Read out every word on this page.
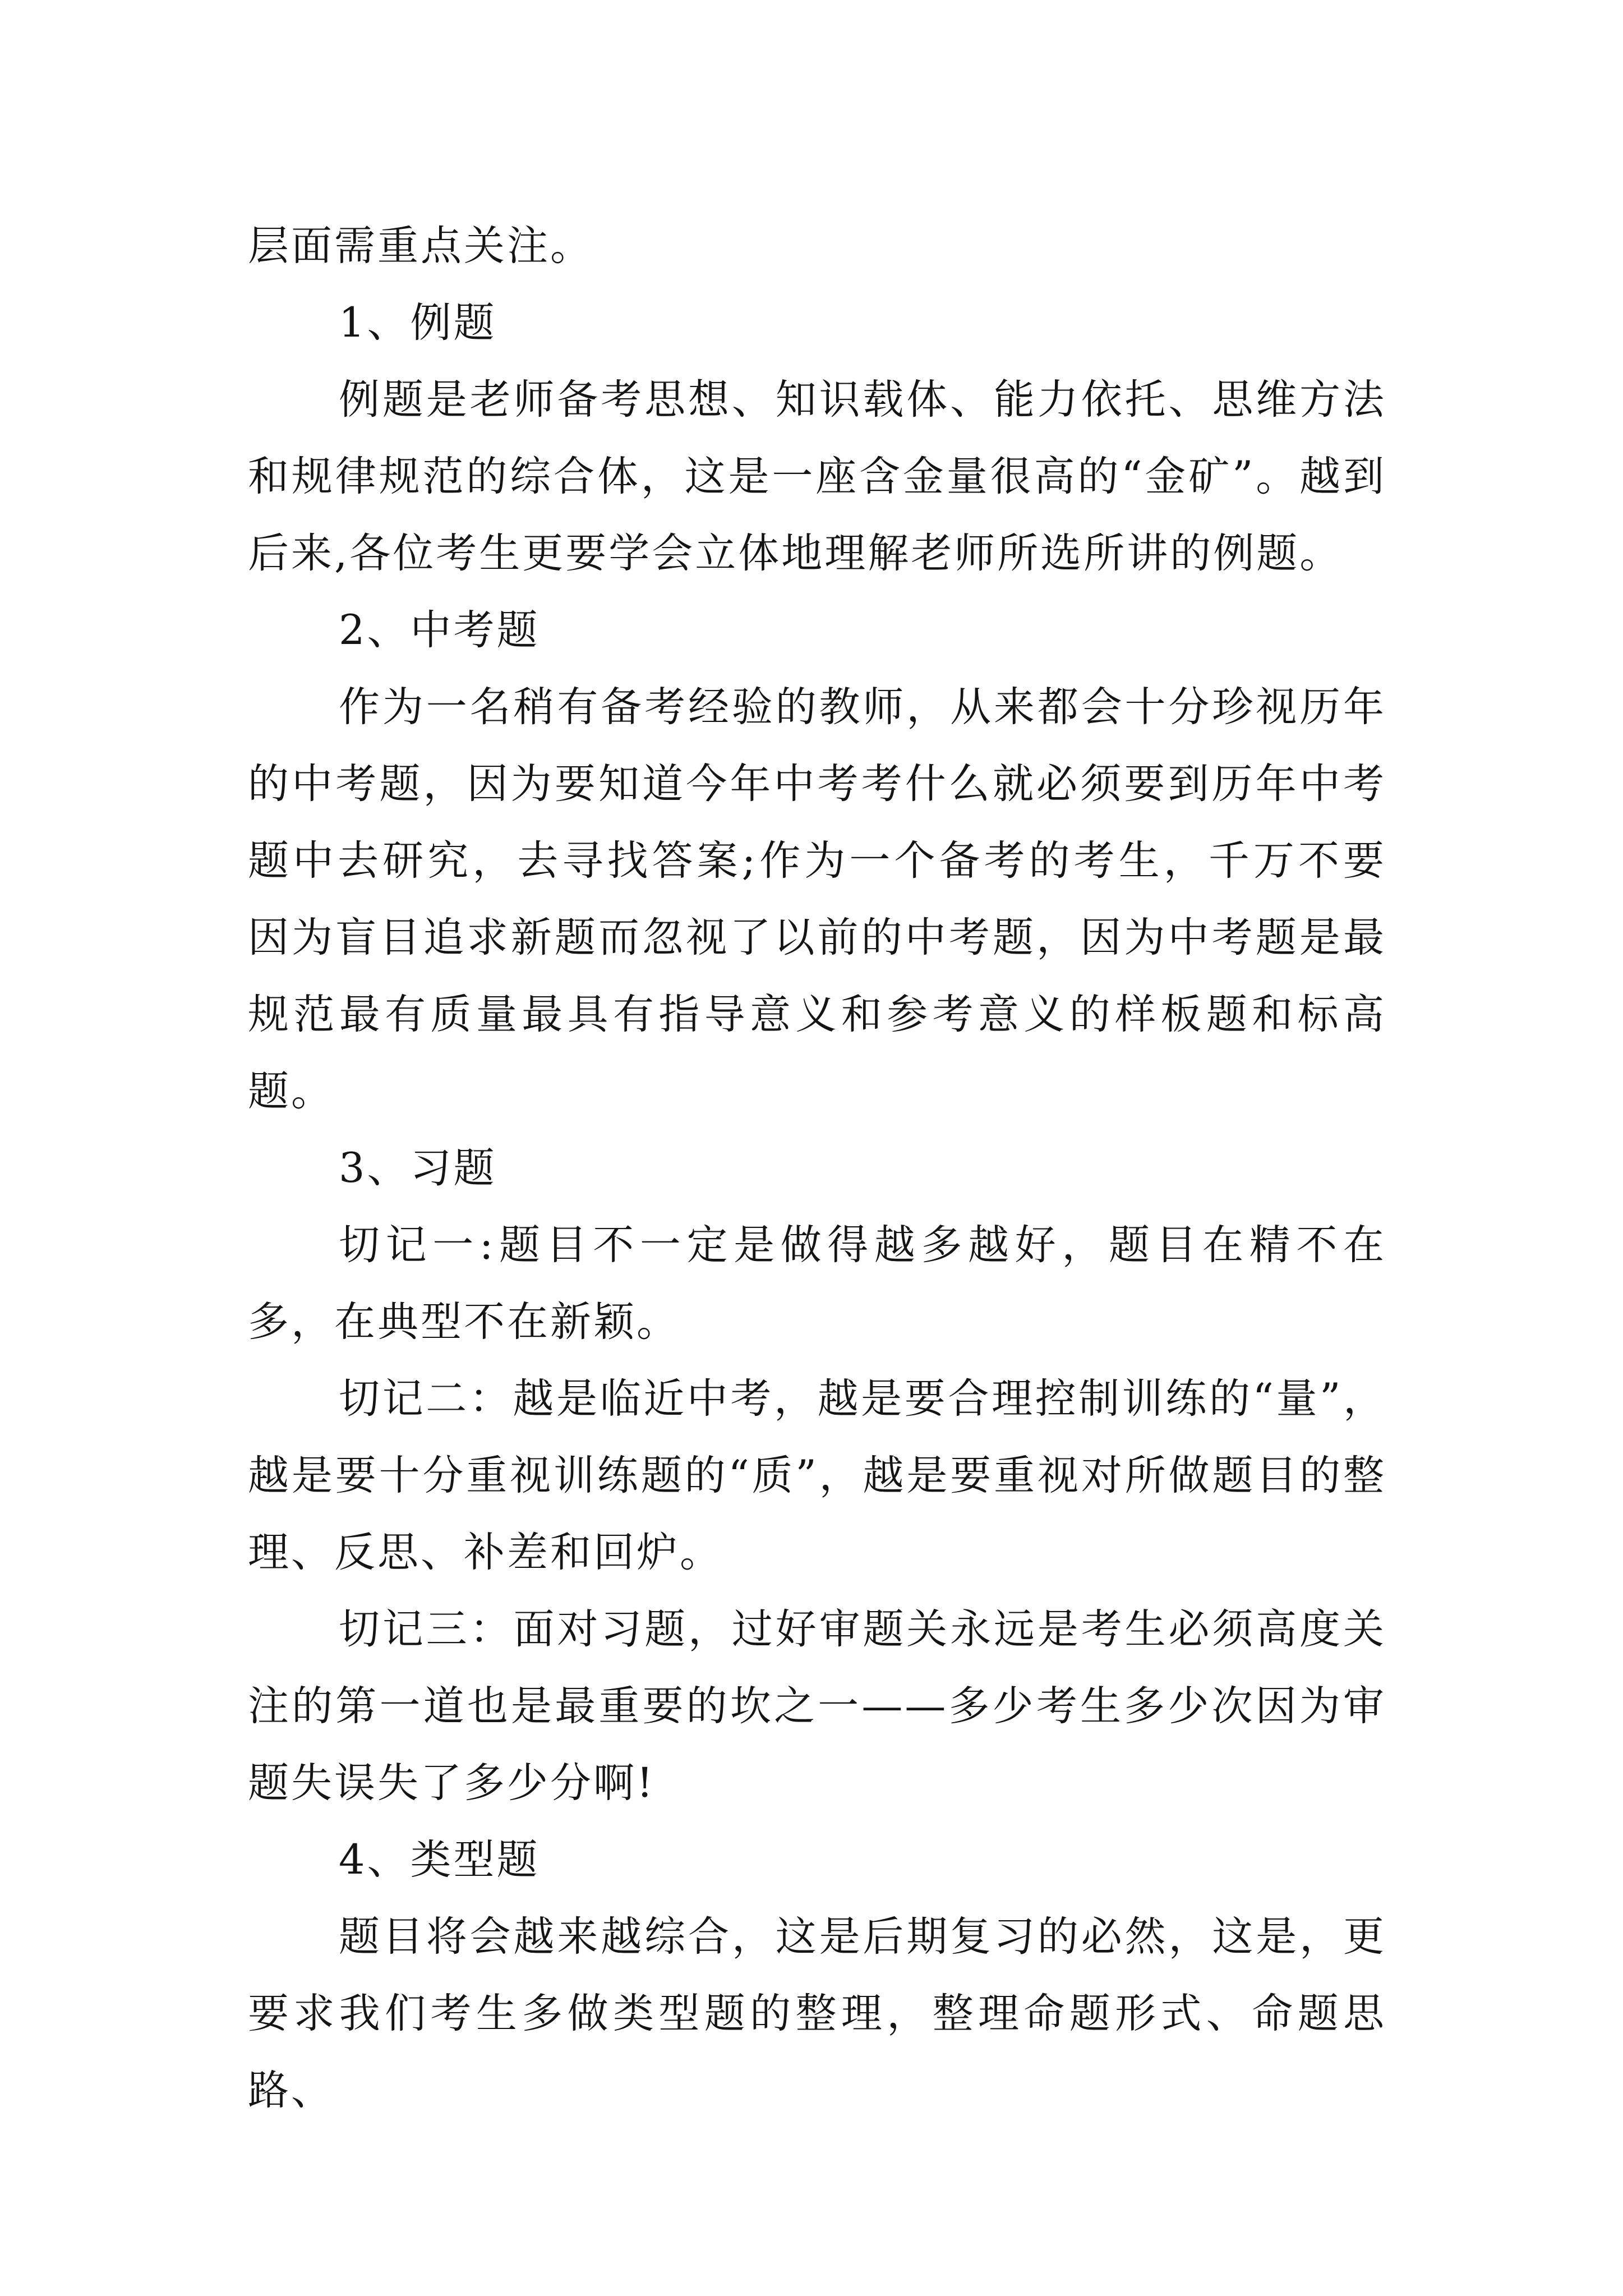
层面需重点关注。

1、例题

例题是老师备考思想、知识载体、能力依托、思维方法和规律规范的综合体，这是一座含金量很高的“金矿”。越到后来,各位考生更要学会立体地理解老师所选所讲的例题。

2、中考题

作为一名稍有备考经验的教师，从来都会十分珍视历年的中考题，因为要知道今年中考考什么就必须要到历年中考题中去研究，去寻找答案;作为一个备考的考生，千万不要因为盲目追求新题而忽视了以前的中考题，因为中考题是最规范最有质量最具有指导意义和参考意义的样板题和标高题。

3、习题

切记一:题目不一定是做得越多越好，题目在精不在多，在典型不在新颖。

切记二：越是临近中考，越是要合理控制训练的“量”，越是要十分重视训练题的“质”，越是要重视对所做题目的整理、反思、补差和回炉。

切记三：面对习题，过好审题关永远是考生必须高度关注的第一道也是最重要的坎之一——多少考生多少次因为审题失误失了多少分啊!

4、类型题

题目将会越来越综合，这是后期复习的必然，这是，更要求我们考生多做类型题的整理，整理命题形式、命题思路、
